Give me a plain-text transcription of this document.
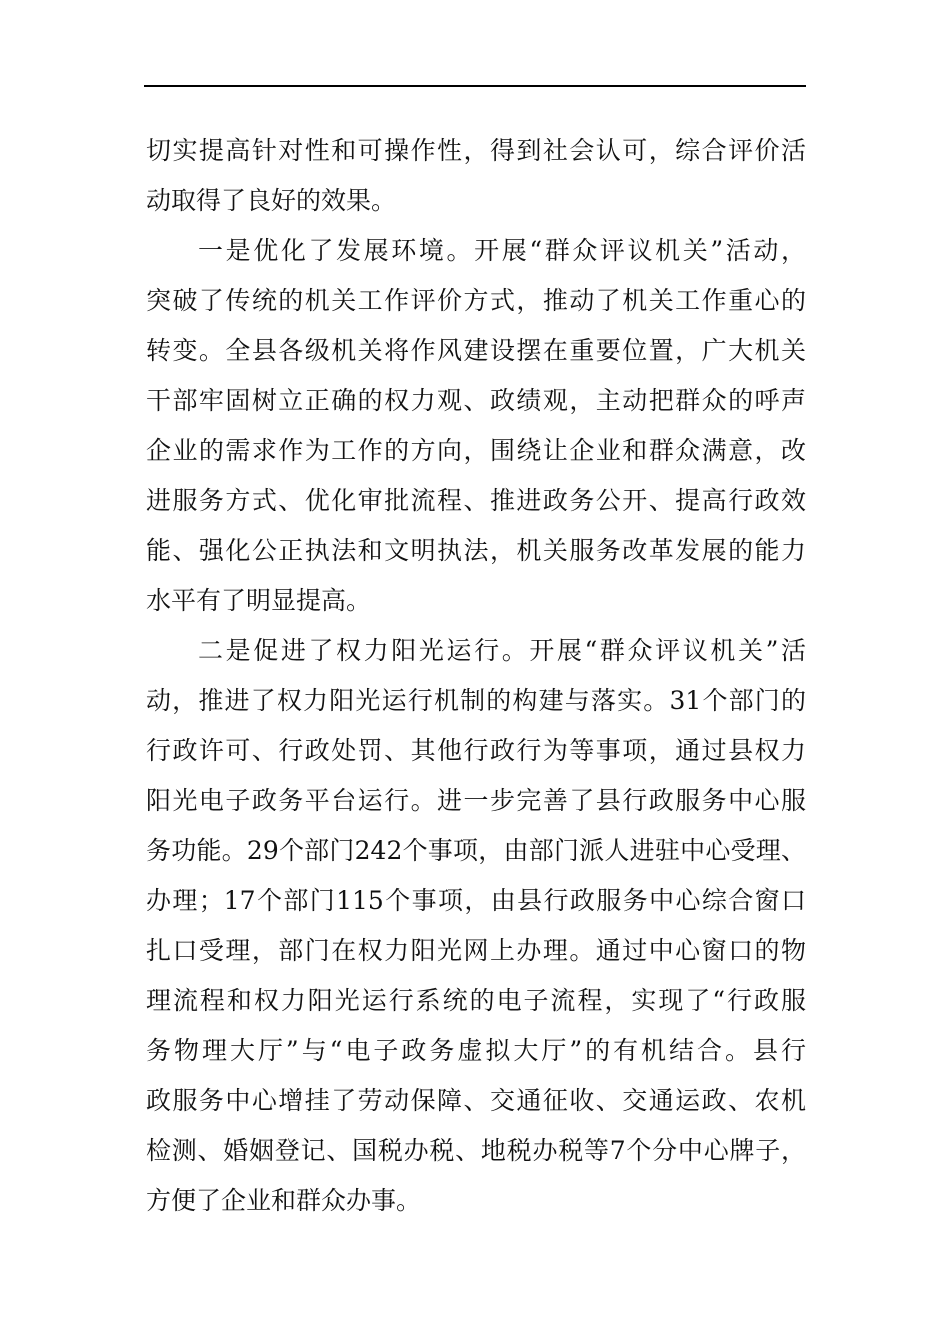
切实提高针对性和可操作性，得到社会认可，综合评价活
动取得了良好的效果。
一是优化了发展环境。开展“群众评议机关”活动，
突破了传统的机关工作评价方式，推动了机关工作重心的
转变。全县各级机关将作风建设摆在重要位置，广大机关
干部牢固树立正确的权力观、政绩观，主动把群众的呼声
企业的需求作为工作的方向，围绕让企业和群众满意，改
进服务方式、优化审批流程、推进政务公开、提高行政效
能、强化公正执法和文明执法，机关服务改革发展的能力
水平有了明显提高。
二是促进了权力阳光运行。开展“群众评议机关”活
动，推进了权力阳光运行机制的构建与落实。31个部门的
行政许可、行政处罚、其他行政行为等事项，通过县权力
阳光电子政务平台运行。进一步完善了县行政服务中心服
务功能。29个部门242个事项，由部门派人进驻中心受理、
办理；17个部门115个事项，由县行政服务中心综合窗口
扎口受理，部门在权力阳光网上办理。通过中心窗口的物
理流程和权力阳光运行系统的电子流程，实现了“行政服
务物理大厅”与“电子政务虚拟大厅”的有机结合。县行
政服务中心增挂了劳动保障、交通征收、交通运政、农机
检测、婚姻登记、国税办税、地税办税等7个分中心牌子，
方便了企业和群众办事。
